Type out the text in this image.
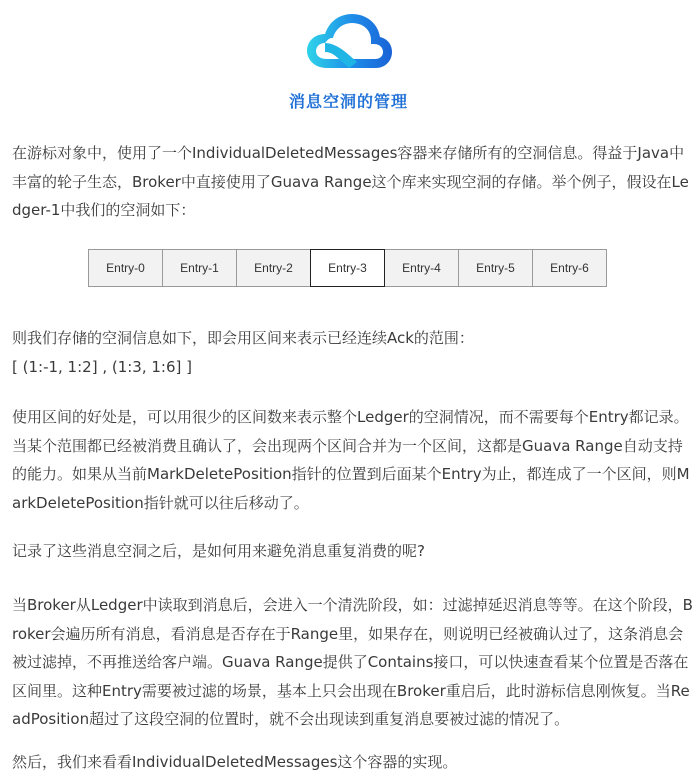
消息空洞的管理

在游标对象中，使用了一个IndividualDeletedMessages容器来存储所有的空洞信息。得益于Java中丰富的轮子生态，Broker中直接使用了Guava Range这个库来实现空洞的存储。举个例子，假设在Ledger-1中我们的空洞如下：

Entry-0	Entry-1	Entry-2	Entry-3	Entry-4	Entry-5	Entry-6
则我们存储的空洞信息如下，即会用区间来表示已经连续Ack的范围：
[ (1:-1, 1:2] , (1:3, 1:6] ]

使用区间的好处是，可以用很少的区间数来表示整个Ledger的空洞情况，而不需要每个Entry都记录。当某个范围都已经被消费且确认了，会出现两个区间合并为一个区间，这都是Guava Range自动支持的能力。如果从当前MarkDeletePosition指针的位置到后面某个Entry为止，都连成了一个区间，则MarkDeletePosition指针就可以往后移动了。

记录了这些消息空洞之后，是如何用来避免消息重复消费的呢?

当Broker从Ledger中读取到消息后，会进入一个清洗阶段，如：过滤掉延迟消息等等。在这个阶段，Broker会遍历所有消息，看消息是否存在于Range里，如果存在，则说明已经被确认过了，这条消息会被过滤掉，不再推送给客户端。Guava Range提供了Contains接口，可以快速查看某个位置是否落在区间里。这种Entry需要被过滤的场景，基本上只会出现在Broker重启后，此时游标信息刚恢复。当ReadPosition超过了这段空洞的位置时，就不会出现读到重复消息要被过滤的情况了。

然后，我们来看看IndividualDeletedMessages这个容器的实现。
